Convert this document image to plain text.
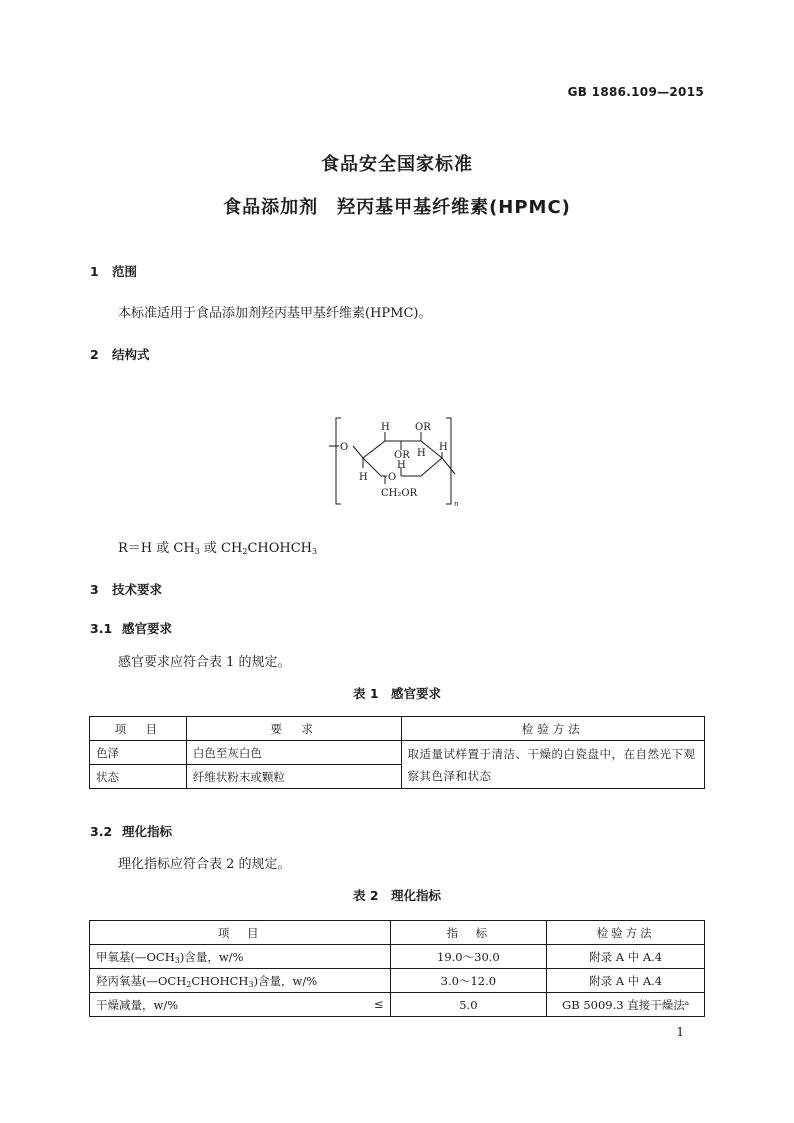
GB 1886.109—2015
食品安全国家标准
食品添加剂　羟丙基甲基纤维素(HPMC)
1 范围
本标准适用于食品添加剂羟丙基甲基纤维素(HPMC)。
2 结构式
H	OR
H
OR H
H
H O
O
CH₂OR
n
R＝H 或 $CH_3$ 或 $CH_2CHOHCH_3$
3 技术要求
3.1 感官要求
感官要求应符合表 1 的规定。
表 1　感官要求
项　目	要　求	检验方法
色泽	白色至灰白色	取适量试样置于清洁、干燥的白瓷盘中，在自然光下观察其色泽和状态
状态	纤维状粉末或颗粒	
3.2 理化指标
理化指标应符合表 2 的规定。
表 2　理化指标
项　目	指　标	检验方法
甲氧基$(—OCH_3)$含量，w/%	19.0～30.0	附录 A 中 A.4
羟丙氧基$(—OCH_2CHOHCH_3)$含量，w/%	3.0～12.0	附录 A 中 A.4
干燥减量，w/% ≤	5.0	GB 5009.3 直接干燥法ᵃ
1
